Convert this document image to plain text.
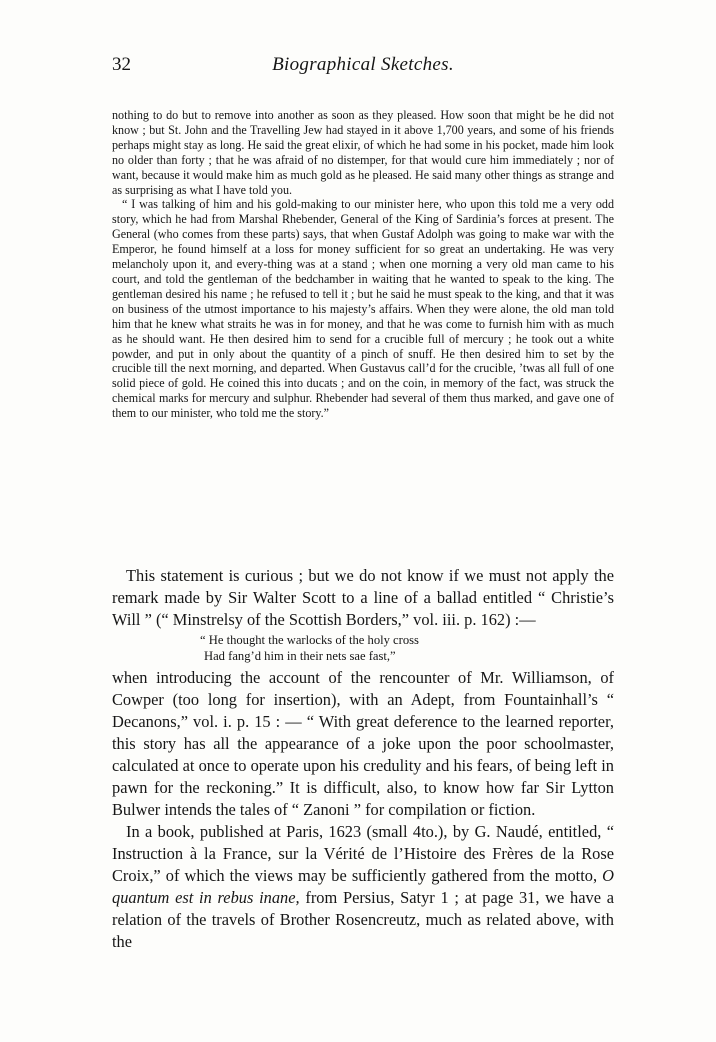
32	Biographical Sketches.

nothing to do but to remove into another as soon as they pleased. How soon that might be he did not know ; but St. John and the Travelling Jew had stayed in it above 1,700 years, and some of his friends perhaps might stay as long. He said the great elixir, of which he had some in his pocket, made him look no older than forty ; that he was afraid of no distemper, for that would cure him immediately ; nor of want, because it would make him as much gold as he pleased. He said many other things as strange and as surprising as what I have told you.

“ I was talking of him and his gold-making to our minister here, who upon this told me a very odd story, which he had from Marshal Rhebender, General of the King of Sardinia’s forces at present. The General (who comes from these parts) says, that when Gustaf Adolph was going to make war with the Emperor, he found himself at a loss for money sufficient for so great an undertaking. He was very melancholy upon it, and every-thing was at a stand ; when one morning a very old man came to his court, and told the gentleman of the bedchamber in waiting that he wanted to speak to the king. The gentleman desired his name ; he refused to tell it ; but he said he must speak to the king, and that it was on business of the utmost importance to his majesty’s affairs. When they were alone, the old man told him that he knew what straits he was in for money, and that he was come to furnish him with as much as he should want. He then desired him to send for a crucible full of mercury ; he took out a white powder, and put in only about the quantity of a pinch of snuff. He then desired him to set by the crucible till the next morning, and departed. When Gustavus call’d for the crucible, ’twas all full of one solid piece of gold. He coined this into ducats ; and on the coin, in memory of the fact, was struck the chemical marks for mercury and sulphur. Rhebender had several of them thus marked, and gave one of them to our minister, who told me the story.”

This statement is curious ; but we do not know if we must not apply the remark made by Sir Walter Scott to a line of a ballad entitled “ Christie’s Will ” (“ Minstrelsy of the Scottish Borders,” vol. iii. p. 162) :—

“ He thought the warlocks of the holy cross
Had fang’d him in their nets sae fast,”

when introducing the account of the rencounter of Mr. Williamson, of Cowper (too long for insertion), with an Adept, from Fountainhall’s “ Decanons,” vol. i. p. 15 : — “ With great deference to the learned reporter, this story has all the appearance of a joke upon the poor schoolmaster, calculated at once to operate upon his credulity and his fears, of being left in pawn for the reckoning.” It is difficult, also, to know how far Sir Lytton Bulwer intends the tales of “ Zanoni ” for compilation or fiction.

In a book, published at Paris, 1623 (small 4to.), by G. Naudé, entitled, “ Instruction à la France, sur la Vérité de l’Histoire des Frères de la Rose Croix,” of which the views may be sufficiently gathered from the motto, O quantum est in rebus inane, from Persius, Satyr 1 ; at page 31, we have a relation of the travels of Brother Rosencreutz, much as related above, with the
